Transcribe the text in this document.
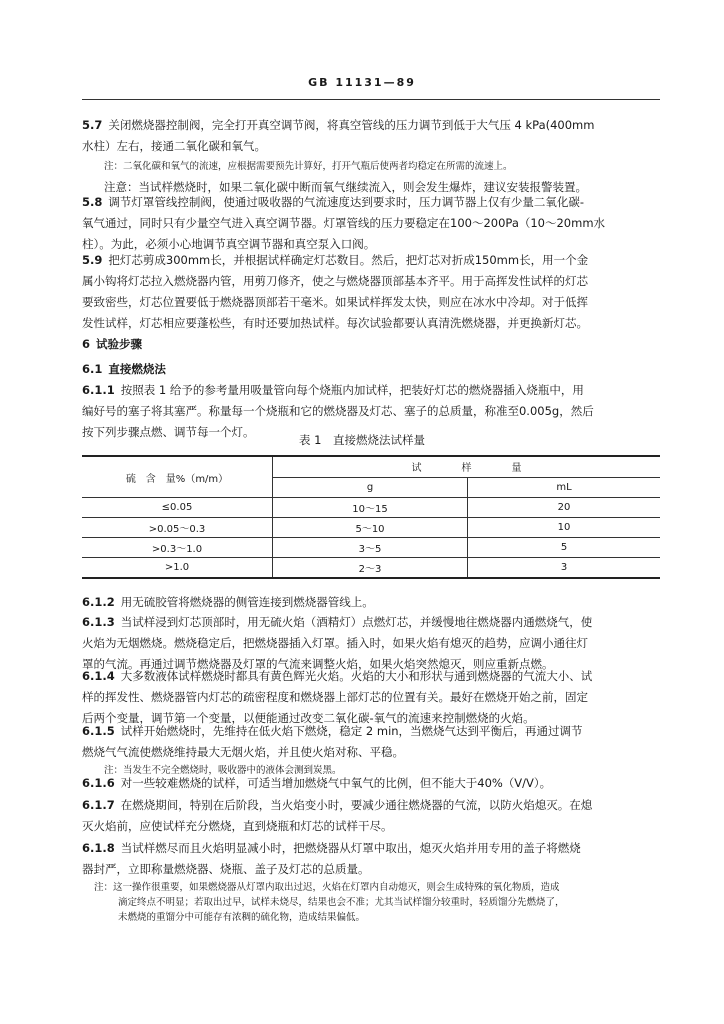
GB 11131—89

5.7 关闭燃烧器控制阀，完全打开真空调节阀，将真空管线的压力调节到低于大气压 4 kPa(400mm

水柱）左右，接通二氧化碳和氧气。

注：二氧化碳和氧气的流速，应根据需要预先计算好，打开气瓶后使两者均稳定在所需的流速上。

注意：当试样燃烧时，如果二氧化碳中断而氧气继续流入，则会发生爆炸，建议安装报警装置。

5.8 调节灯罩管线控制阀，使通过吸收器的气流速度达到要求时，压力调节器上仅有少量二氧化碳-

氧气通过，同时只有少量空气进入真空调节器。灯罩管线的压力要稳定在100～200Pa（10～20mm水

柱）。为此，必须小心地调节真空调节器和真空泵入口阀。

5.9 把灯芯剪成300mm长，并根据试样确定灯芯数目。然后，把灯芯对折成150mm长，用一个金

属小钩将灯芯拉入燃烧器内管，用剪刀修齐，使之与燃烧器顶部基本齐平。用于高挥发性试样的灯芯

要致密些，灯芯位置要低于燃烧器顶部若干毫米。如果试样挥发太快，则应在冰水中冷却。对于低挥

发性试样，灯芯相应要蓬松些，有时还要加热试样。每次试验都要认真清洗燃烧器，并更换新灯芯。

6 试验步骤
6.1 直接燃烧法

6.1.1 按照表 1 给予的参考量用吸量管向每个烧瓶内加试样，把装好灯芯的燃烧器插入烧瓶中，用

编好号的塞子将其塞严。称量每一个烧瓶和它的燃烧器及灯芯、塞子的总质量，称准至0.005g，然后

按下列步骤点燃、调节每一个灯。

表 1　直接燃烧法试样量
硫　含　量%（m/m）	试　　　　样　　　　量	
	g	mL
≤0.05	10～15	20
>0.05～0.3	5～10	10
>0.3～1.0	3～5	5
>1.0	2～3	3

6.1.2 用无硫胶管将燃烧器的侧管连接到燃烧器管线上。

6.1.3 当试样浸到灯芯顶部时，用无硫火焰（酒精灯）点燃灯芯，并缓慢地往燃烧器内通燃烧气，使

火焰为无烟燃烧。燃烧稳定后，把燃烧器插入灯罩。插入时，如果火焰有熄灭的趋势，应调小通往灯

罩的气流。再通过调节燃烧器及灯罩的气流来调整火焰，如果火焰突然熄灭，则应重新点燃。

6.1.4 大多数液体试样燃烧时都具有黄色辉光火焰。火焰的大小和形状与通到燃烧器的气流大小、试

样的挥发性、燃烧器管内灯芯的疏密程度和燃烧器上部灯芯的位置有关。最好在燃烧开始之前，固定

后两个变量，调节第一个变量，以便能通过改变二氧化碳-氧气的流速来控制燃烧的火焰。

6.1.5 试样开始燃烧时，先维持在低火焰下燃烧，稳定 2 min，当燃烧气达到平衡后，再通过调节

燃烧气气流使燃烧维持最大无烟火焰，并且使火焰对称、平稳。

注：当发生不完全燃烧时，吸收器中的液体会测到炭黑。

6.1.6 对一些较难燃烧的试样，可适当增加燃烧气中氧气的比例，但不能大于40%（V/V）。

6.1.7 在燃烧期间，特别在后阶段，当火焰变小时，要减少通往燃烧器的气流，以防火焰熄灭。在熄

灭火焰前，应使试样充分燃烧，直到烧瓶和灯芯的试样干尽。

6.1.8 当试样燃尽而且火焰明显减小时，把燃烧器从灯罩中取出，熄灭火焰并用专用的盖子将燃烧

器封严，立即称量燃烧器、烧瓶、盖子及灯芯的总质量。

注：这一操作很重要，如果燃烧器从灯罩内取出过迟，火焰在灯罩内自动熄灭，则会生成特殊的氧化物质，造成

滴定终点不明显；若取出过早，试样未烧尽，结果也会不准；尤其当试样馏分较重时，轻质馏分先燃烧了，

未燃烧的重馏分中可能存有浓稠的硫化物，造成结果偏低。
